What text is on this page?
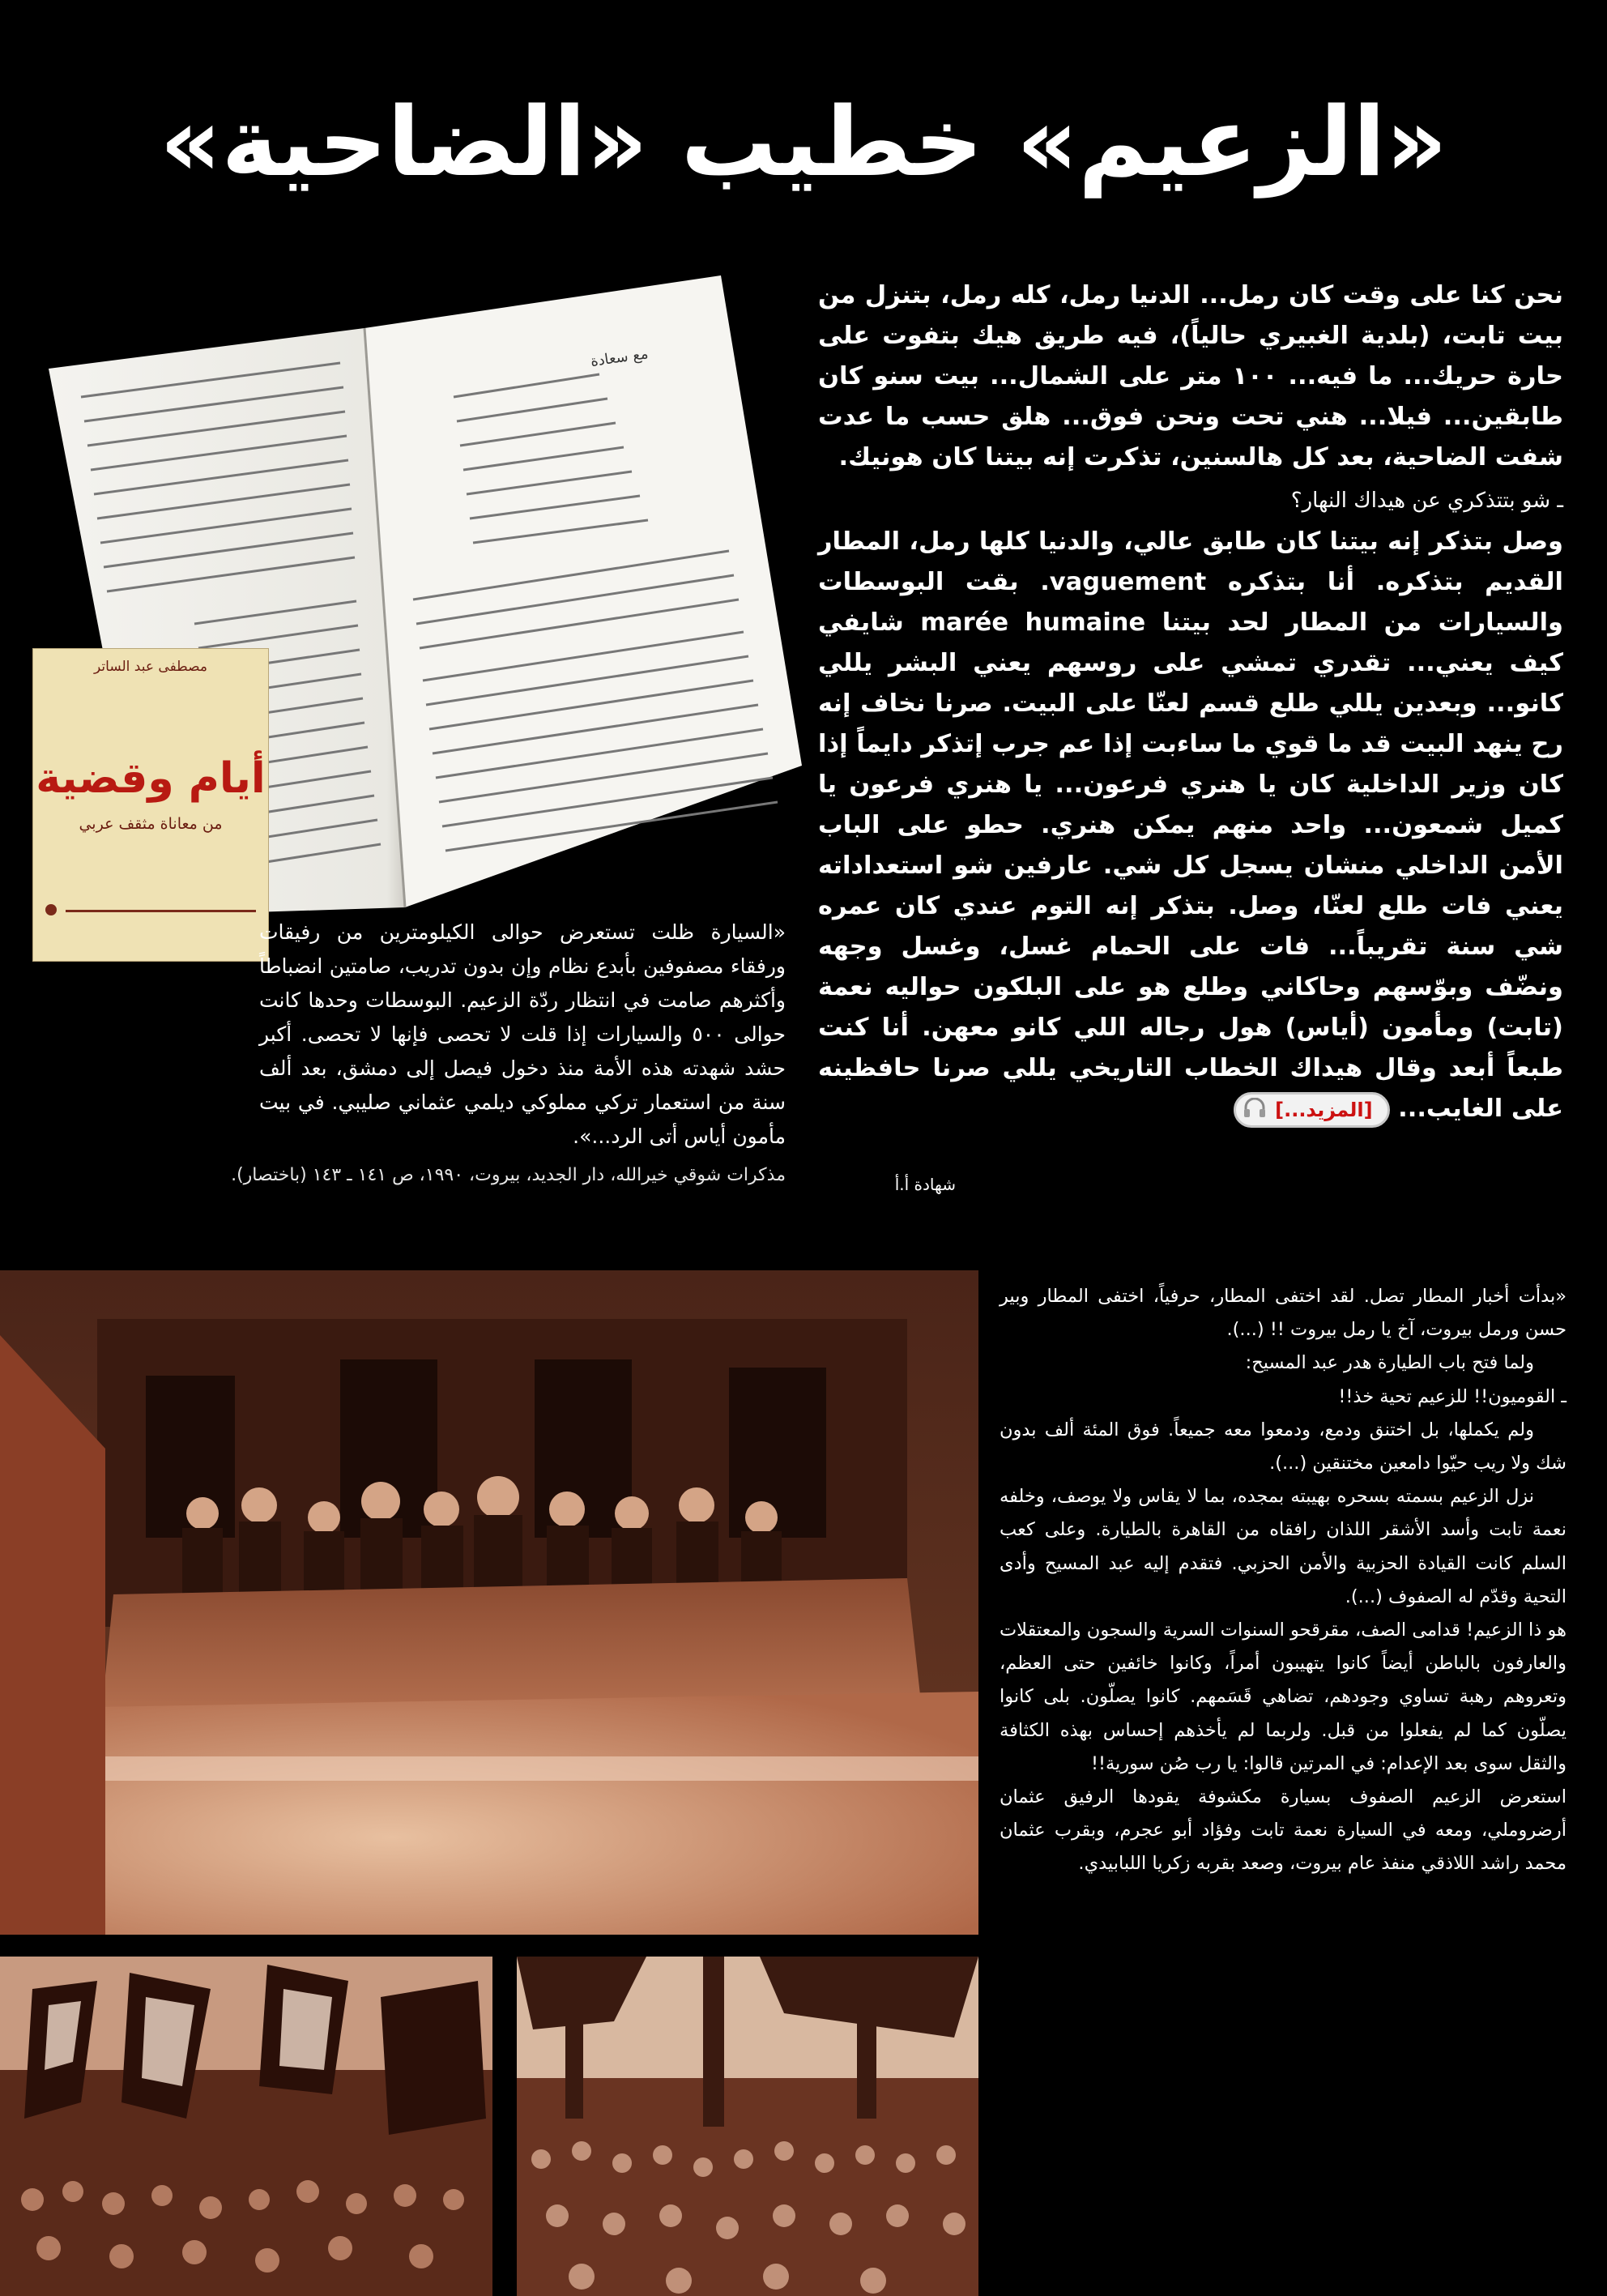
«الزعيم» خطيب «الضاحية»
مع سعادة
مصطفى عبد الساتر
أيام وقضية
من معاناة مثقف عربي

نحن كنا على وقت كان رمل... الدنيا رمل، كله رمل، بتنزل من بيت تابت، (بلدية الغبيري حالياً)، فيه طريق هيك بتفوت على حارة حريك... ما فيه... ١٠٠ متر على الشمال... بيت سنو كان طابقين... فيلا... هني تحت ونحن فوق... هلق حسب ما عدت شفت الضاحية، بعد كل هالسنين، تذكرت إنه بيتنا كان هونيك.

ـ شو بتتذكري عن هيداك النهار؟

وصل بتذكر إنه بيتنا كان طابق عالي، والدنيا كلها رمل، المطار القديم بتذكره. أنا بتذكره vaguement. بقت البوسطات والسيارات من المطار لحد بيتنا marée humaine شايفي كيف يعني... تقدري تمشي على روسهم يعني البشر يللي كانو... وبعدين يللي طلع قسم لعنّا على البيت. صرنا نخاف إنه رح ينهد البيت قد ما قوي ما ساءبت إذا عم جرب إتذكر دايماً إذا كان وزير الداخلية كان يا هنري فرعون... يا هنري فرعون يا كميل شمعون... واحد منهم يمكن هنري. حطو على الباب الأمن الداخلي منشان يسجل كل شي. عارفين شو استعداداته يعني فات طلع لعنّا، وصل. بتذكر إنه التوم عندي كان عمره شي سنة تقريباً... فات على الحمام غسل، وغسل وجهه ونضّف وبوّسهم وحاكاني وطلع هو على البلكون حواليه نعمة (تابت) ومأمون (أياس) هول رجاله اللي كانو معهن. أنا كنت طبعاً أبعد وقال هيداك الخطاب التاريخي يللي صرنا حافظينه على الغايب...
[المزيد...]

شهادة أ.أ
«السيارة ظلت تستعرض حوالى الكيلومترين من رفيقات ورفقاء مصفوفين بأبدع نظام وإن بدون تدريب، صامتين انضباطاً وأكثرهم صامت في انتظار ردّة الزعيم. البوسطات وحدها كانت حوالى ٥٠٠ والسيارات إذا قلت لا تحصى فإنها لا تحصى. أكبر حشد شهدته هذه الأمة منذ دخول فيصل إلى دمشق، بعد ألف سنة من استعمار تركي مملوكي ديلمي عثماني صليبي. في بيت مأمون أياس أتى الرد...».
مذكرات شوقي خيرالله، دار الجديد، بيروت، ١٩٩٠، ص ١٤١ ـ ١٤٣ (باختصار).

«بدأت أخبار المطار تصل. لقد اختفى المطار، حرفياً، اختفى المطار وبير حسن ورمل بيروت، آخ يا رمل بيروت !! (...).

ولما فتح باب الطيارة هدر عبد المسيح:

ـ القوميون!! للزعيم تحية خذ!!

ولم يكملها، بل اختنق ودمع، ودمعوا معه جميعاً. فوق المئة ألف بدون شك ولا ريب حيّوا دامعين مختنقين (...).

نزل الزعيم بسمته بسحره بهيبته بمجده، بما لا يقاس ولا يوصف، وخلفه نعمة تابت وأسد الأشقر اللذان رافقاه من القاهرة بالطيارة. وعلى كعب السلم كانت القيادة الحزبية والأمن الحزبي. فتقدم إليه عبد المسيح وأدى التحية وقدّم له الصفوف (...).

هو ذا الزعيم! قدامى الصف، مقرقحو السنوات السرية والسجون والمعتقلات والعارفون بالباطن أيضاً كانوا يتهيبون أمراً، وكانوا خائفين حتى العظم، وتعروهم رهبة تساوي وجودهم، تضاهي قَسَمهم. كانوا يصلّون. بلى كانوا يصلّون كما لم يفعلوا من قبل. ولربما لم يأخذهم إحساس بهذه الكثافة والثقل سوى بعد الإعدام: في المرتين قالوا: يا رب صُن سورية!!

استعرض الزعيم الصفوف بسيارة مكشوفة يقودها الرفيق عثمان أرضروملي، ومعه في السيارة نعمة تابت وفؤاد أبو عجرم، وبقرب عثمان محمد راشد اللاذقي منفذ عام بيروت، وصعد بقربه زكريا اللبابيدي.
